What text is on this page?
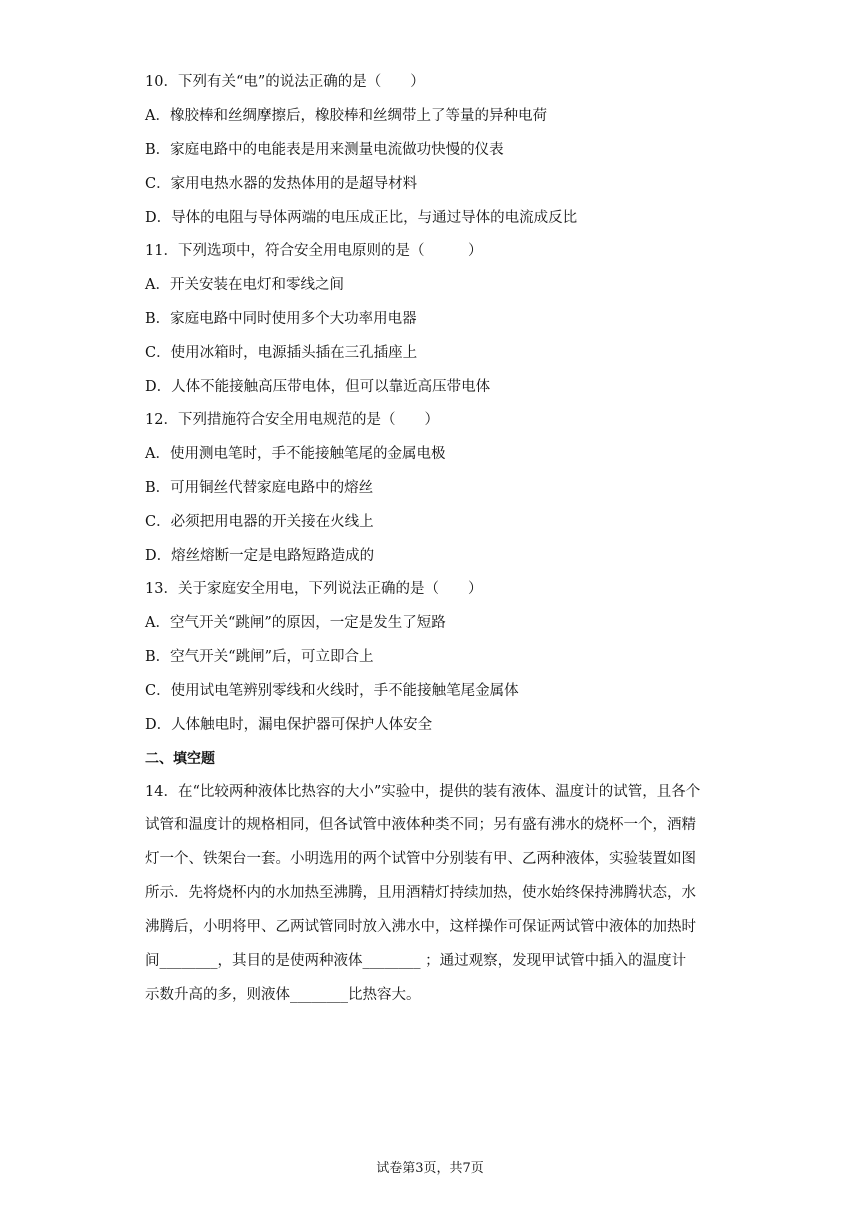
10．下列有关“电”的说法正确的是（　　）
A．橡胶棒和丝绸摩擦后，橡胶棒和丝绸带上了等量的异种电荷
B．家庭电路中的电能表是用来测量电流做功快慢的仪表
C．家用电热水器的发热体用的是超导材料
D．导体的电阻与导体两端的电压成正比，与通过导体的电流成反比
11．下列选项中，符合安全用电原则的是（　　　）
A．开关安装在电灯和零线之间
B．家庭电路中同时使用多个大功率用电器
C．使用冰箱时，电源插头插在三孔插座上
D．人体不能接触高压带电体，但可以靠近高压带电体
12．下列措施符合安全用电规范的是（　　）
A．使用测电笔时，手不能接触笔尾的金属电极
B．可用铜丝代替家庭电路中的熔丝
C．必须把用电器的开关接在火线上
D．熔丝熔断一定是电路短路造成的
13．关于家庭安全用电，下列说法正确的是（　　）
A．空气开关“跳闸”的原因，一定是发生了短路
B．空气开关“跳闸”后，可立即合上
C．使用试电笔辨别零线和火线时，手不能接触笔尾金属体
D．人体触电时，漏电保护器可保护人体安全
二、填空题
14．在“比较两种液体比热容的大小”实验中，提供的装有液体、温度计的试管，且各个
试管和温度计的规格相同，但各试管中液体种类不同；另有盛有沸水的烧杯一个，酒精
灯一个、铁架台一套。小明选用的两个试管中分别装有甲、乙两种液体，实验装置如图
所示．先将烧杯内的水加热至沸腾，且用酒精灯持续加热，使水始终保持沸腾状态，水
沸腾后，小明将甲、乙两试管同时放入沸水中，这样操作可保证两试管中液体的加热时
间________，其目的是使两种液体________ ；通过观察，发现甲试管中插入的温度计
示数升高的多，则液体________比热容大。
试卷第3页，共7页
